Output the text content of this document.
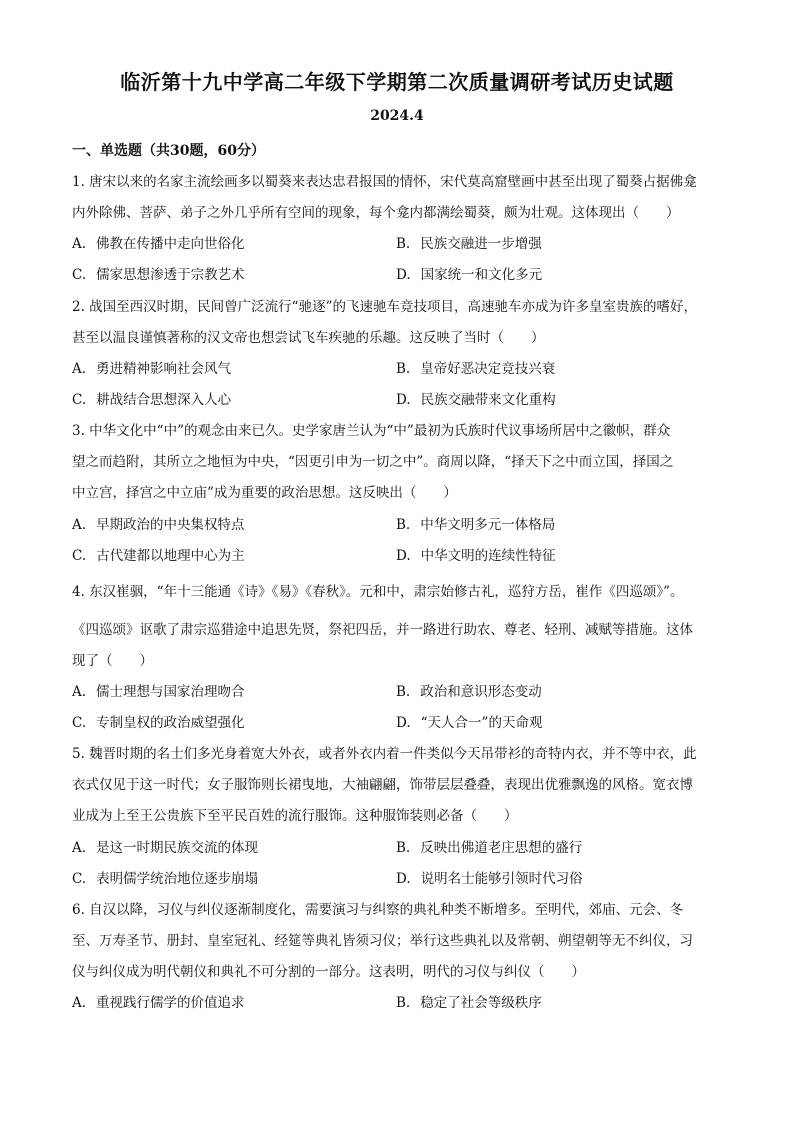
临沂第十九中学高二年级下学期第二次质量调研考试历史试题
2024.4
一、单选题（共30题，60分）
1. 唐宋以来的名家主流绘画多以蜀葵来表达忠君报国的情怀，宋代莫高窟壁画中甚至出现了蜀葵占据佛龛
内外除佛、菩萨、弟子之外几乎所有空间的现象，每个龛内都满绘蜀葵，颇为壮观。这体现出（　　）
A. 佛教在传播中走向世俗化	B. 民族交融进一步增强
C. 儒家思想渗透于宗教艺术	D. 国家统一和文化多元
2. 战国至西汉时期，民间曾广泛流行“驰逐”的飞速驰车竞技项目，高速驰车亦成为许多皇室贵族的嗜好，
甚至以温良谨慎著称的汉文帝也想尝试飞车疾驰的乐趣。这反映了当时（　　）
A. 勇进精神影响社会风气	B. 皇帝好恶决定竞技兴衰
C. 耕战结合思想深入人心	D. 民族交融带来文化重构
3. 中华文化中“中”的观念由来已久。史学家唐兰认为“中”最初为氏族时代议事场所居中之徽帜，群众
望之而趋附，其所立之地恒为中央，“因更引申为一切之中”。商周以降，“择天下之中而立国，择国之
中立宫，择宫之中立庙”成为重要的政治思想。这反映出（　　）
A. 早期政治的中央集权特点	B. 中华文明多元一体格局
C. 古代建都以地理中心为主	D. 中华文明的连续性特征
4. 东汉崔骃，“年十三能通《诗》《易》《春秋》。元和中，肃宗始修古礼，巡狩方岳，崔作《四巡颂》”。
《四巡颂》讴歌了肃宗巡猎途中追思先贤，祭祀四岳，并一路进行助农、尊老、轻刑、减赋等措施。这体
现了（　　）
A. 儒士理想与国家治理吻合	B. 政治和意识形态变动
C. 专制皇权的政治威望强化	D. “天人合一”的天命观
5. 魏晋时期的名士们多光身着宽大外衣，或者外衣内着一件类似今天吊带衫的奇特内衣，并不等中衣，此
衣式仅见于这一时代；女子服饰则长裙曳地，大袖翩翩，饰带层层叠叠，表现出优雅飘逸的风格。宽衣博
业成为上至王公贵族下至平民百姓的流行服饰。这种服饰装则必备（　　）
A. 是这一时期民族交流的体现	B. 反映出佛道老庄思想的盛行
C. 表明儒学统治地位逐步崩塌	D. 说明名士能够引领时代习俗
6. 自汉以降，习仪与纠仪逐渐制度化，需要演习与纠察的典礼种类不断增多。至明代，郊庙、元会、冬
至、万寿圣节、册封、皇室冠礼、经筵等典礼皆须习仪；举行这些典礼以及常朝、朔望朝等无不纠仪，习
仪与纠仪成为明代朝仪和典礼不可分割的一部分。这表明，明代的习仪与纠仪（　　）
A. 重视践行儒学的价值追求	B. 稳定了社会等级秩序
